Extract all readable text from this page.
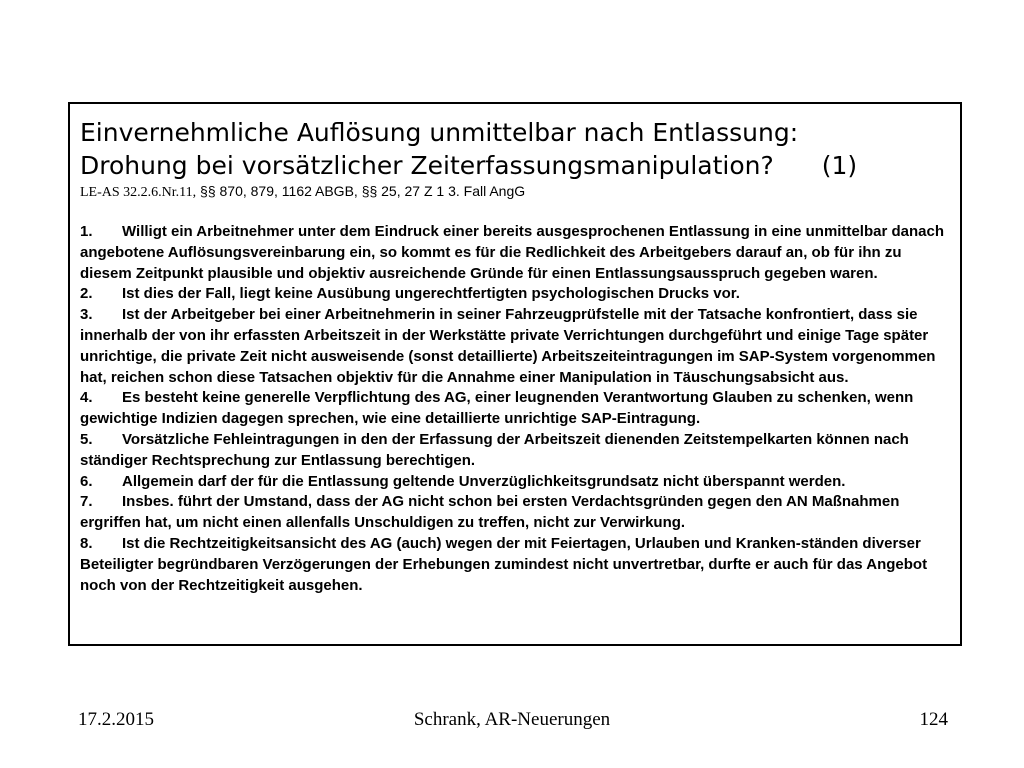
Einvernehmliche Auflösung unmittelbar nach Entlassung:
Drohung bei vorsätzlicher Zeiterfassungsmanipulation? (1)

LE-AS 32.2.6.Nr.11, §§ 870, 879, 1162 ABGB, §§ 25, 27 Z 1 3. Fall AngG

1. Willigt ein Arbeitnehmer unter dem Eindruck einer bereits ausgesprochenen Entlassung in eine unmittelbar danach angebotene Auflösungsvereinbarung ein, so kommt es für die Redlichkeit des Arbeitgebers darauf an, ob für ihn zu diesem Zeitpunkt plausible und objektiv ausreichende Gründe für einen Entlassungsausspruch gegeben waren.
2. Ist dies der Fall, liegt keine Ausübung ungerechtfertigten psychologischen Drucks vor.
3. Ist der Arbeitgeber bei einer Arbeitnehmerin in seiner Fahrzeugprüfstelle mit der Tatsache konfrontiert, dass sie innerhalb der von ihr erfassten Arbeitszeit in der Werkstätte private Verrichtungen durchgeführt und einige Tage später unrichtige, die private Zeit nicht ausweisende (sonst detaillierte) Arbeitszeiteintragungen im SAP-System vorgenommen hat, reichen schon diese Tatsachen objektiv für die Annahme einer Manipulation in Täuschungsabsicht aus.
4. Es besteht keine generelle Verpflichtung des AG, einer leugnenden Verantwortung Glauben zu schenken, wenn gewichtige Indizien dagegen sprechen, wie eine detaillierte unrichtige SAP-Eintragung.
5. Vorsätzliche Fehleintragungen in den der Erfassung der Arbeitszeit dienenden Zeitstempelkarten können nach ständiger Rechtsprechung zur Entlassung berechtigen.
6. Allgemein darf der für die Entlassung geltende Unverzüglichkeitsgrundsatz nicht überspannt werden.
7. Insbes. führt der Umstand, dass der AG nicht schon bei ersten Verdachtsgründen gegen den AN Maßnahmen ergriffen hat, um nicht einen allenfalls Unschuldigen zu treffen, nicht zur Verwirkung.
8. Ist die Rechtzeitigkeitsansicht des AG (auch) wegen der mit Feiertagen, Urlauben und Kranken-ständen diverser Beteiligter begründbaren Verzögerungen der Erhebungen zumindest nicht unvertretbar, durfte er auch für das Angebot noch von der Rechtzeitigkeit ausgehen.
17.2.2015	Schrank, AR-Neuerungen	124
